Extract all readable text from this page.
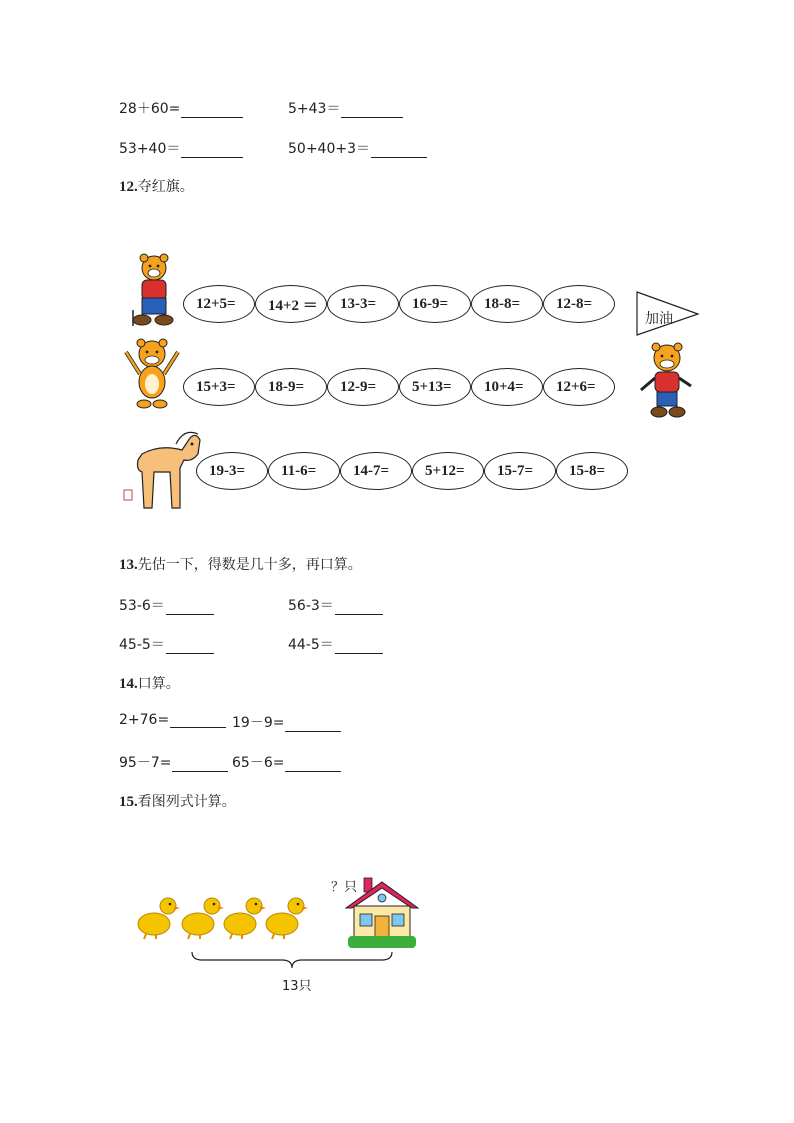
28＋60=	5+43＝
53+40＝	50+40+3＝
12.夺红旗。
12+5= 14+2 ＝ 13-3= 16-9= 18-8= 12-8=
15+3= 18-9= 12-9= 5+13= 10+4= 12+6=
19-3= 11-6= 14-7= 5+12= 15-7= 15-8=
加油
13.先估一下，得数是几十多，再口算。
53-6＝	56-3＝
45-5＝	44-5＝
14.口算。
2+76=	19－9=
95－7=	65－6=
15.看图列式计算。
？只
13只
